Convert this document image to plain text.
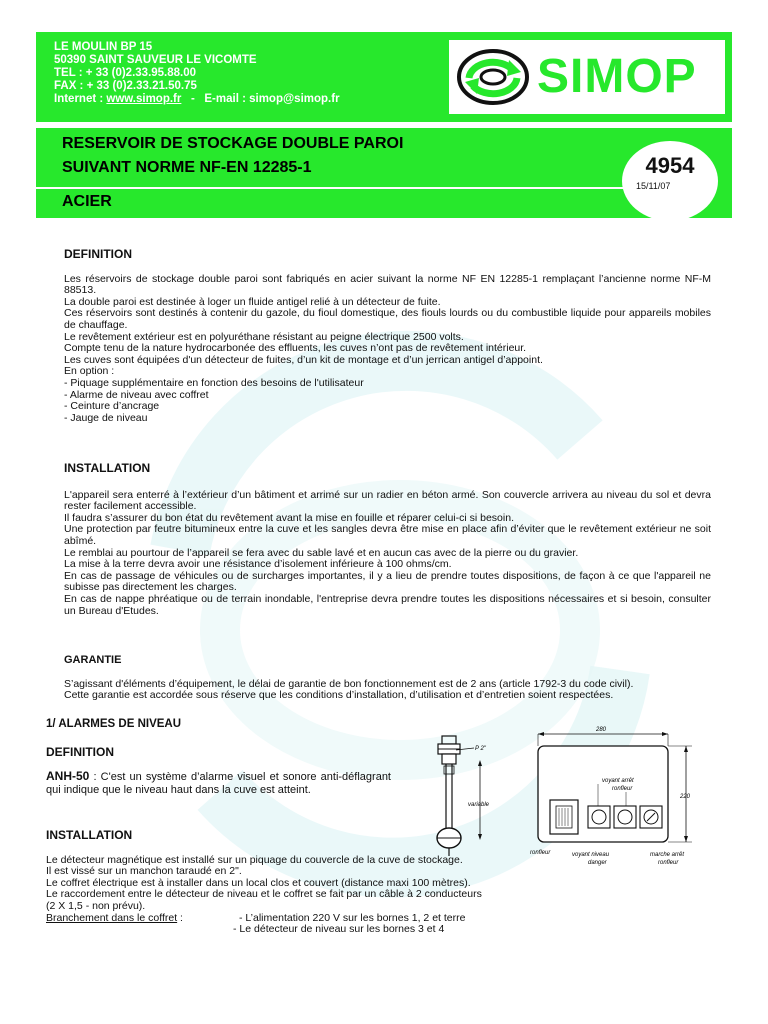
LE MOULIN BP 15
50390 SAINT SAUVEUR LE VICOMTE
TEL : + 33 (0)2.33.95.88.00
FAX : + 33 (0)2.33.21.50.75
Internet : www.simop.fr   -   E-mail : simop@simop.fr	SIMOP
RESERVOIR DE STOCKAGE DOUBLE PAROI
SUIVANT NORME NF-EN 12285-1
ACIER
4954
15/11/07
DEFINITION
Les réservoirs de stockage double paroi sont fabriqués en acier suivant la norme NF EN 12285-1 remplaçant l’ancienne norme NF-M 88513.
La double paroi est destinée à loger un fluide antigel relié à un détecteur de fuite.
Ces réservoirs sont destinés à contenir du gazole, du fioul domestique, des fiouls lourds ou du combustible liquide pour appareils mobiles de chauffage.
Le revêtement extérieur est en polyuréthane résistant au peigne électrique 2500 volts.
Compte tenu de la nature hydrocarbonée des effluents, les cuves n’ont pas de revêtement intérieur.
Les cuves sont équipées d'un détecteur de fuites, d’un kit de montage et d’un jerrican antigel d’appoint.
En option :
- Piquage supplémentaire en fonction des besoins de l'utilisateur
- Alarme de niveau avec coffret
- Ceinture d’ancrage
- Jauge de niveau
INSTALLATION
L'appareil sera enterré à l’extérieur d’un bâtiment et arrimé sur un radier en béton armé. Son couvercle arrivera au niveau du sol et devra rester facilement accessible.
Il faudra s’assurer du bon état du revêtement avant la mise en fouille et réparer celui-ci si besoin.
Une protection par feutre bitumineux entre la cuve et les sangles devra être mise en place afin d’éviter que le revêtement extérieur ne soit abîmé.
Le remblai au pourtour de l’appareil se fera avec du sable lavé et en aucun cas avec de la pierre ou du gravier.
La mise à la terre devra avoir une résistance d’isolement inférieure à 100 ohms/cm.
En cas de passage de véhicules ou de surcharges importantes, il y a lieu de prendre toutes dispositions, de façon à ce que l'appareil ne subisse pas directement les charges.
En cas de nappe phréatique ou de terrain inondable, l'entreprise devra prendre toutes les dispositions nécessaires et si besoin, consulter un Bureau d'Etudes.
GARANTIE
S’agissant d'éléments d’équipement, le délai de garantie de bon fonctionnement est de 2 ans (article 1792-3 du code civil).
Cette garantie est accordée sous réserve que les conditions d’installation, d’utilisation et d’entretien soient respectées.
1/ ALARMES DE NIVEAU
DEFINITION
ANH-50 : C'est un système d’alarme visuel et sonore anti-déflagrant qui indique que le niveau haut dans la cuve est atteint.
INSTALLATION
Le détecteur magnétique est installé sur un piquage du couvercle de la cuve de stockage.
Il est vissé sur un manchon taraudé en 2".
Le coffret électrique est à installer dans un local clos et couvert (distance maxi 100 mètres).
Le raccordement entre le détecteur de niveau et le coffret se fait par un câble à 2 conducteurs
(2 X 1,5 - non prévu).
Branchement dans le coffret :	- L’alimentation 220 V sur les bornes 1, 2 et terre
- Le détecteur de niveau sur les bornes 3 et 4
P 2"
variable
280
220
voyant arrêt
ronfleur
ronfleur	voyant niveau
danger
marche arrêt
ronfleur
